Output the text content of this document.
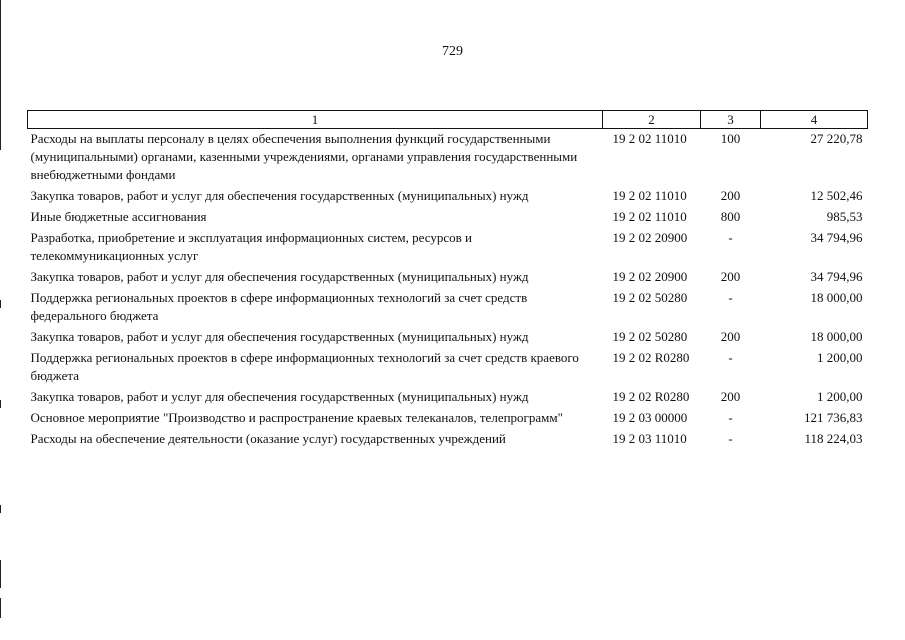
729
1	2	3	4
Расходы на выплаты персоналу в целях обеспечения выполнения функций государственными (муниципальными) органами, казенными учреждениями, органами управления государственными внебюджетными фондами	19 2 02 11010	100	27 220,78
Закупка товаров, работ и услуг для обеспечения государственных (муниципальных) нужд	19 2 02 11010	200	12 502,46
Иные бюджетные ассигнования	19 2 02 11010	800	985,53
Разработка, приобретение и эксплуатация информационных систем, ресурсов и телекоммуникационных услуг	19 2 02 20900	-	34 794,96
Закупка товаров, работ и услуг для обеспечения государственных (муниципальных) нужд	19 2 02 20900	200	34 794,96
Поддержка региональных проектов в сфере информационных технологий за счет средств федерального бюджета	19 2 02 50280	-	18 000,00
Закупка товаров, работ и услуг для обеспечения государственных (муниципальных) нужд	19 2 02 50280	200	18 000,00
Поддержка региональных проектов в сфере информационных технологий за счет средств краевого бюджета	19 2 02 R0280	-	1 200,00
Закупка товаров, работ и услуг для обеспечения государственных (муниципальных) нужд	19 2 02 R0280	200	1 200,00
Основное мероприятие "Производство и распространение краевых телеканалов, телепрограмм"	19 2 03 00000	-	121 736,83
Расходы на обеспечение деятельности (оказание услуг) государственных учреждений	19 2 03 11010	-	118 224,03
